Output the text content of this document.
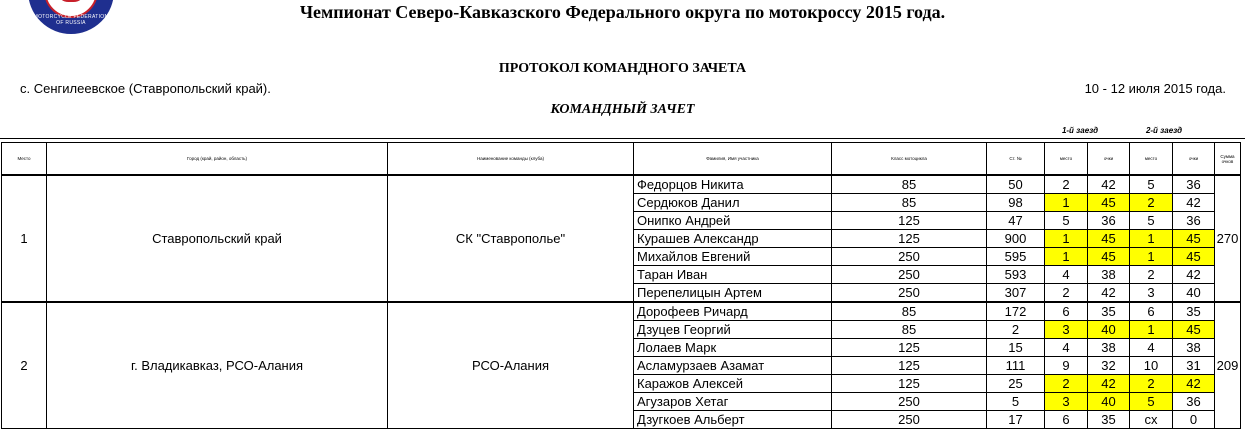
MOTORCYCLE FEDERATION OF RUSSIA
Чемпионат Северо-Кавказского Федерального округа по мотокроссу 2015 года.
ПРОТОКОЛ КОМАНДНОГО ЗАЧЕТА
с. Сенгилеевское (Ставропольский край).	10 - 12 июля 2015 года.
КОМАНДНЫЙ ЗАЧЕТ
1-й заезд	2-й заезд
Место	Город (край, район, область)	Наименование команды (клуба)	Фамилия, Имя участника	Класс мотоцикла	Ст. №	место	очки	место	очки	Сумма очков
1	Ставропольский край	СК "Ставрополье"	Федорцов Никита	85	50	2	42	5	36	270
			Сердюков Данил	85	98	1	45	2	42	
			Онипко Андрей	125	47	5	36	5	36	
			Курашев Александр	125	900	1	45	1	45	
			Михайлов Евгений	250	595	1	45	1	45	
			Таран Иван	250	593	4	38	2	42	
			Перепелицын Артем	250	307	2	42	3	40	
2	г. Владикавказ, РСО-Алания	РСО-Алания	Дорофеев Ричард	85	172	6	35	6	35	209
			Дзуцев Георгий	85	2	3	40	1	45	
			Лолаев Марк	125	15	4	38	4	38	
			Асламурзаев Азамат	125	111	9	32	10	31	
			Каражов Алексей	125	25	2	42	2	42	
			Агузаров Хетаг	250	5	3	40	5	36	
			Дзугкоев Альберт	250	17	6	35	сх	0	
